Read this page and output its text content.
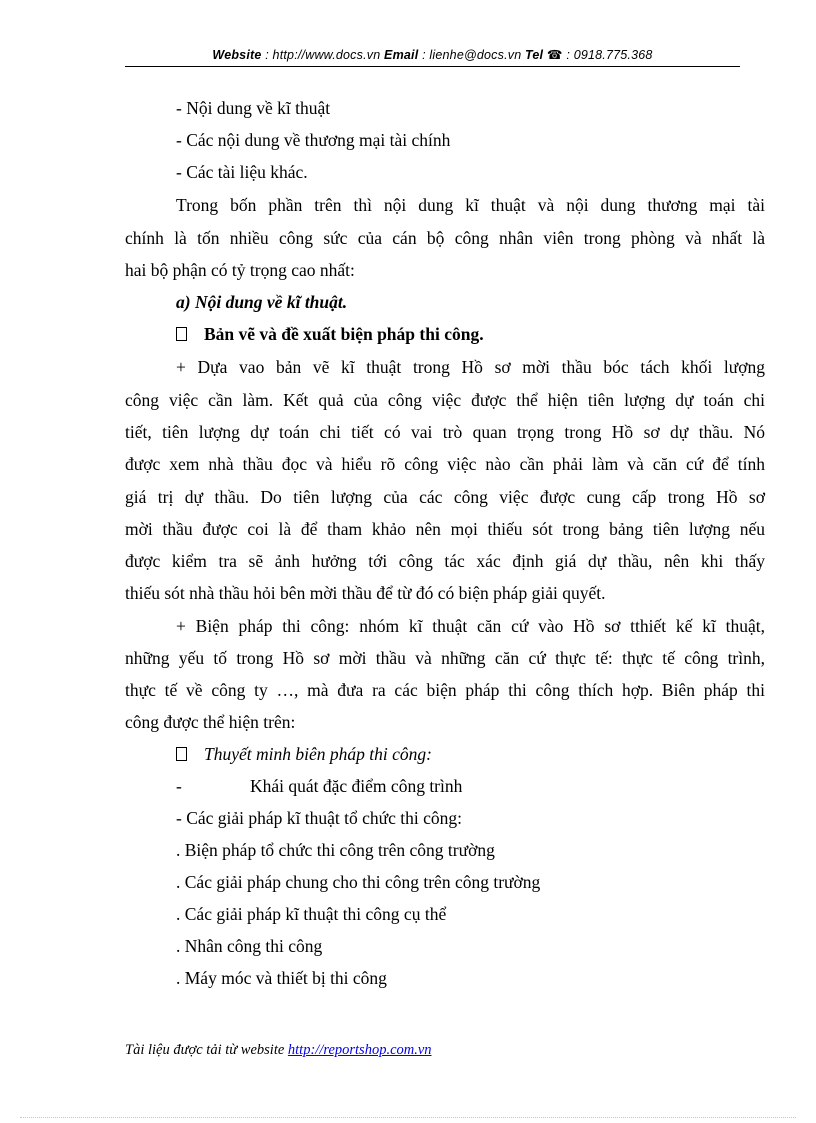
Website : http://www.docs.vn Email : lienhe@docs.vn Tel ☎ : 0918.775.368
- Nội dung về kĩ thuật
- Các nội dung về thương mại tài chính
- Các tài liệu khác.
Trong bốn phần trên thì nội dung kĩ thuật và nội dung thương mại tài
chính là tốn nhiều công sức của cán bộ công nhân viên trong phòng và nhất là
hai bộ phận có tỷ trọng cao nhất:
a) Nội dung về kĩ thuật.
Bản vẽ và đề xuất biện pháp thi công.
+ Dựa vao bản vẽ kĩ thuật trong Hồ sơ mời thầu bóc tách khối lượng
công việc cần làm. Kết quả của công việc được thể hiện tiên lượng dự toán chi
tiết, tiên lượng dự toán chi tiết có vai trò quan trọng trong Hồ sơ dự thầu. Nó
được xem nhà thầu đọc và hiểu rõ công việc nào cần phải làm và căn cứ để tính
giá trị dự thầu. Do tiên lượng của các công việc được cung cấp trong Hồ sơ
mời thầu được coi là để tham khảo nên mọi thiếu sót trong bảng tiên lượng nếu
được kiểm tra sẽ ảnh hưởng tới công tác xác định giá dự thầu, nên khi thấy
thiếu sót nhà thầu hỏi bên mời thầu để từ đó có biện pháp giải quyết.
+ Biện pháp thi công: nhóm kĩ thuật căn cứ vào Hồ sơ tthiết kế kĩ thuật,
những yếu tố trong Hồ sơ mời thầu và những căn cứ thực tế: thực tế công trình,
thực tế về công ty …, mà đưa ra các biện pháp thi công thích hợp. Biên pháp thi
công được thể hiện trên:
Thuyết minh biên pháp thi công:
-	Khái quát đặc điểm công trình
- Các giải pháp kĩ thuật tổ chức thi công:
. Biện pháp tổ chức thi công trên công trường
. Các giải pháp chung cho thi công trên công trường
. Các giải pháp kĩ thuật thi công cụ thể
. Nhân công thi công
. Máy móc và thiết bị thi công
Tài liệu được tải từ website http://reportshop.com.vn
